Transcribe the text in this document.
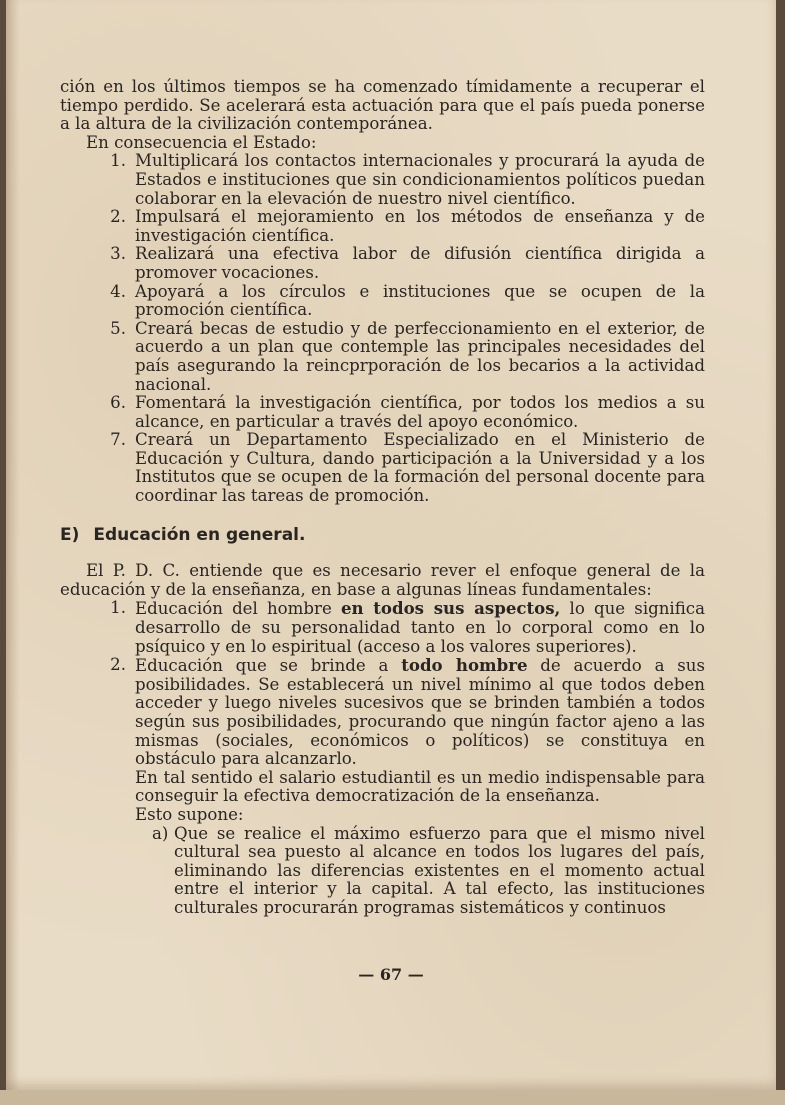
ción en los últimos tiempos se ha comenzado tímidamente a recuperar el tiempo perdido. Se acelerará esta actuación para que el país pueda ponerse a la altura de la civilización contemporánea.

En consecuencia el Estado:

1. Multiplicará los contactos internacionales y procurará la ayuda de Estados e instituciones que sin condicionamientos políticos puedan colaborar en la elevación de nuestro nivel científico.
2. Impulsará el mejoramiento en los métodos de enseñanza y de investigación científica.
3. Realizará una efectiva labor de difusión científica dirigida a promover vocaciones.
4. Apoyará a los círculos e instituciones que se ocupen de la promoción científica.
5. Creará becas de estudio y de perfeccionamiento en el exterior, de acuerdo a un plan que contemple las principales necesidades del país asegurando la reincprporación de los becarios a la actividad nacional.
6. Fomentará la investigación científica, por todos los medios a su alcance, en particular a través del apoyo económico.
7. Creará un Departamento Especializado en el Ministerio de Educación y Cultura, dando participación a la Universidad y a los Institutos que se ocupen de la formación del personal docente para coordinar las tareas de promoción.
E) Educación en general.

El P. D. C. entiende que es necesario rever el enfoque general de la educación y de la enseñanza, en base a algunas líneas fundamentales:

1. Educación del hombre en todos sus aspectos, lo que significa desarrollo de su personalidad tanto en lo corporal como en lo psíquico y en lo espiritual (acceso a los valores superiores).
2. Educación que se brinde a todo hombre de acuerdo a sus posibilidades. Se establecerá un nivel mínimo al que todos deben acceder y luego niveles sucesivos que se brinden también a todos según sus posibilidades, procurando que ningún factor ajeno a las mismas (sociales, económicos o políticos) se constituya en obstáculo para alcanzarlo.

En tal sentido el salario estudiantil es un medio indispensable para conseguir la efectiva democratización de la enseñanza.

Esto supone:

a) Que se realice el máximo esfuerzo para que el mismo nivel cultural sea puesto al alcance en todos los lugares del país, eliminando las diferencias existentes en el momento actual entre el interior y la capital. A tal efecto, las instituciones culturales procurarán programas sistemáticos y continuos
— 67 —
